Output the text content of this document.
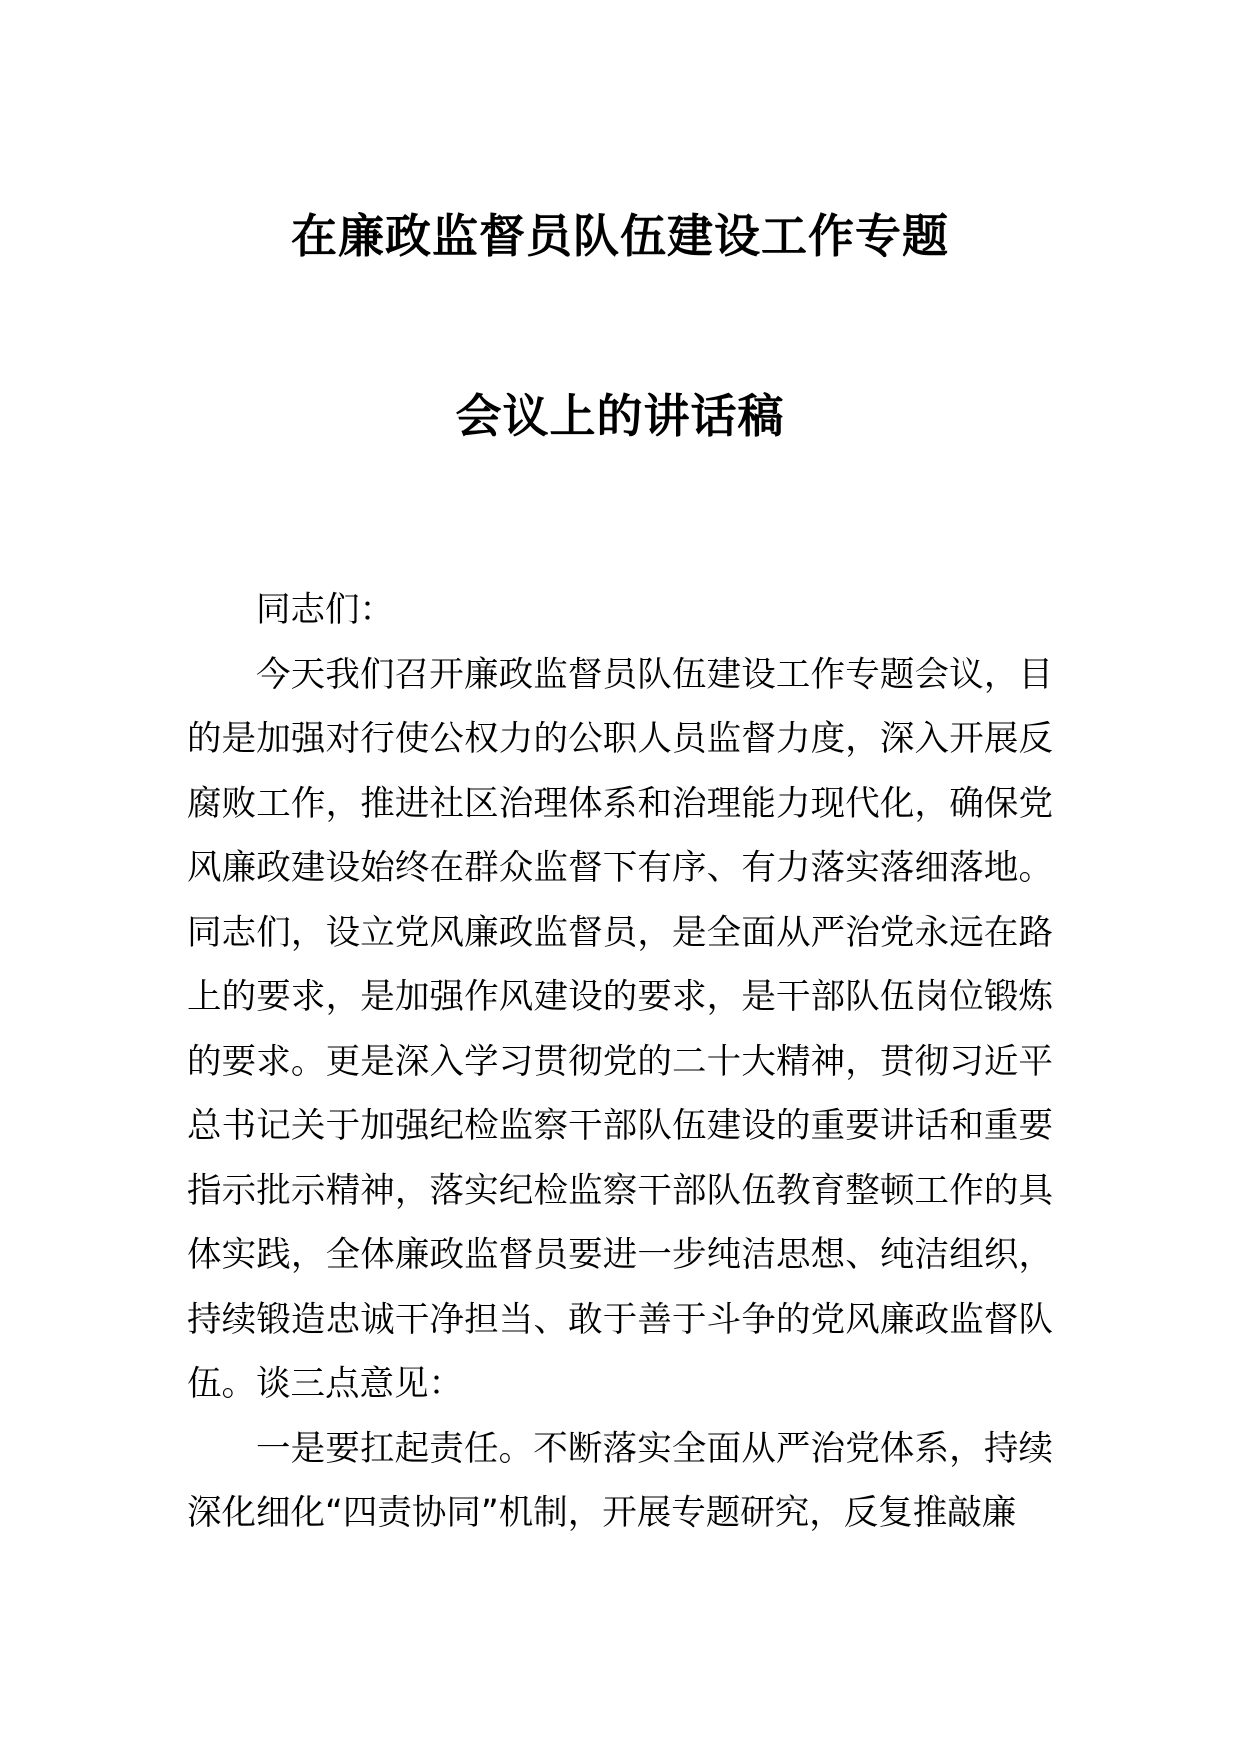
在廉政监督员队伍建设工作专题
会议上的讲话稿

同志们：

今天我们召开廉政监督员队伍建设工作专题会议，目的是加强对行使公权力的公职人员监督力度，深入开展反腐败工作，推进社区治理体系和治理能力现代化，确保党风廉政建设始终在群众监督下有序、有力落实落细落地。同志们，设立党风廉政监督员，是全面从严治党永远在路上的要求，是加强作风建设的要求，是干部队伍岗位锻炼的要求。更是深入学习贯彻党的二十大精神，贯彻习近平总书记关于加强纪检监察干部队伍建设的重要讲话和重要指示批示精神，落实纪检监察干部队伍教育整顿工作的具体实践，全体廉政监督员要进一步纯洁思想、纯洁组织，持续锻造忠诚干净担当、敢于善于斗争的党风廉政监督队伍。谈三点意见：

一是要扛起责任。不断落实全面从严治党体系，持续深化细化“四责协同”机制，开展专题研究，反复推敲廉
